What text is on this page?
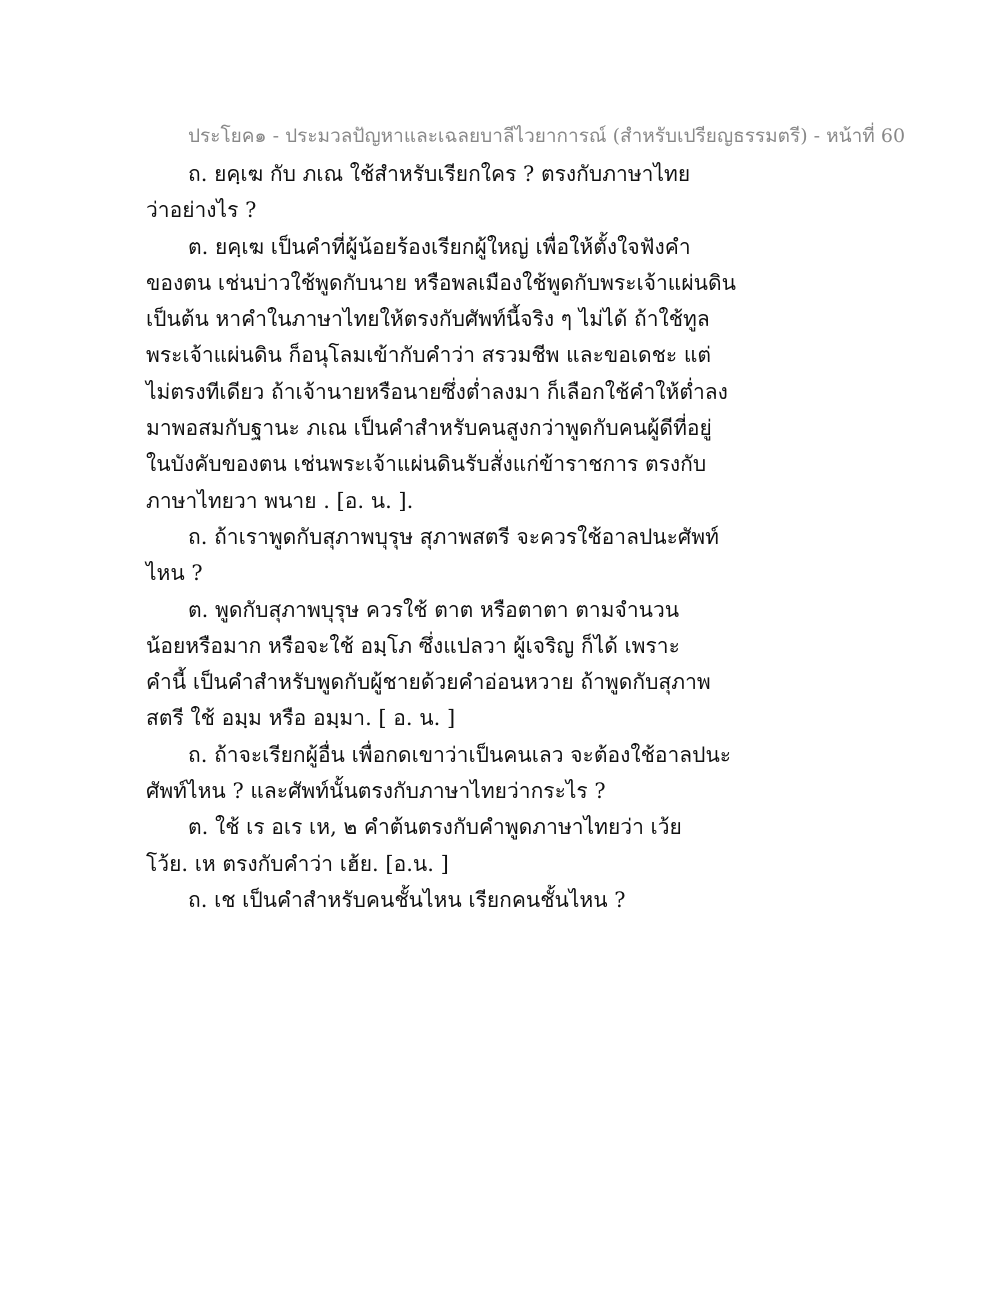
ประโยค๑ - ประมวลปัญหาและเฉลยบาลีไวยาการณ์ (สำหรับเปรียญธรรมตรี) - หน้าที่ 60
ถ. ยคฺเฆ กับ ภเณ ใช้สำหรับเรียกใคร ? ตรงกับภาษาไทย
ว่าอย่างไร ?
ต. ยคฺเฆ เป็นคำที่ผู้น้อยร้องเรียกผู้ใหญ่ เพื่อให้ตั้งใจฟังคำ
ของตน เช่นบ่าวใช้พูดกับนาย หรือพลเมืองใช้พูดกับพระเจ้าแผ่นดิน
เป็นต้น หาคำในภาษาไทยให้ตรงกับศัพท์นี้จริง ๆ ไม่ได้ ถ้าใช้ทูล
พระเจ้าแผ่นดิน ก็อนุโลมเข้ากับคำว่า สรวมชีพ และขอเดชะ แต่
ไม่ตรงทีเดียว ถ้าเจ้านายหรือนายซึ่งต่ำลงมา ก็เลือกใช้คำให้ต่ำลง
มาพอสมกับฐานะ ภเณ เป็นคำสำหรับคนสูงกว่าพูดกับคนผู้ดีที่อยู่
ในบังคับของตน เช่นพระเจ้าแผ่นดินรับสั่งแก่ข้าราชการ ตรงกับ
ภาษาไทยวา พนาย . [อ. น. ].
ถ. ถ้าเราพูดกับสุภาพบุรุษ สุภาพสตรี จะควรใช้อาลปนะศัพท์
ไหน ?
ต. พูดกับสุภาพบุรุษ ควรใช้ ตาต หรือตาตา ตามจำนวน
น้อยหรือมาก หรือจะใช้ อมฺโภ ซึ่งแปลวา ผู้เจริญ ก็ได้ เพราะ
คำนี้ เป็นคำสำหรับพูดกับผู้ชายด้วยคำอ่อนหวาย ถ้าพูดกับสุภาพ
สตรี ใช้ อมฺม หรือ อมฺมา. [ อ. น. ]
ถ. ถ้าจะเรียกผู้อื่น เพื่อกดเขาว่าเป็นคนเลว จะต้องใช้อาลปนะ
ศัพท์ไหน ? และศัพท์นั้นตรงกับภาษาไทยว่ากระไร ?
ต. ใช้ เร อเร เห, ๒ คำต้นตรงกับคำพูดภาษาไทยว่า เว้ย
โว้ย. เห ตรงกับคำว่า เฮ้ย. [อ.น. ]
ถ. เช เป็นคำสำหรับคนชั้นไหน เรียกคนชั้นไหน ?
